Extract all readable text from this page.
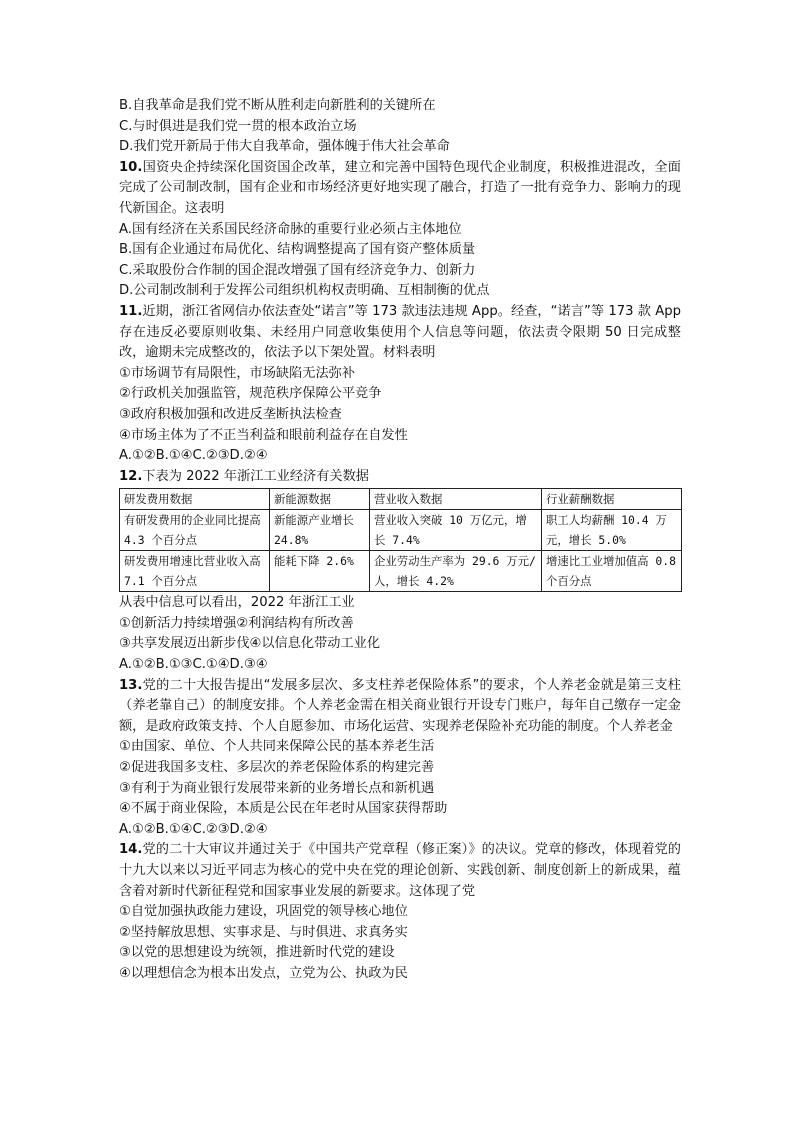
B.自我革命是我们党不断从胜利走向新胜利的关键所在
C.与时俱进是我们党一贯的根本政治立场
D.我们党开新局于伟大自我革命，强体魄于伟大社会革命
10.国资央企持续深化国资国企改革，建立和完善中国特色现代企业制度，积极推进混改，全面完成了公司制改制，国有企业和市场经济更好地实现了融合，打造了一批有竞争力、影响力的现代新国企。这表明
A.国有经济在关系国民经济命脉的重要行业必须占主体地位
B.国有企业通过布局优化、结构调整提高了国有资产整体质量
C.采取股份合作制的国企混改增强了国有经济竞争力、创新力
D.公司制改制利于发挥公司组织机构权责明确、互相制衡的优点
11.近期，浙江省网信办依法查处“诺言”等 173 款违法违规 App。经查，“诺言”等 173 款 App 存在违反必要原则收集、未经用户同意收集使用个人信息等问题，依法责令限期 50 日完成整改，逾期未完成整改的，依法予以下架处置。材料表明
①市场调节有局限性，市场缺陷无法弥补
②行政机关加强监管，规范秩序保障公平竞争
③政府积极加强和改进反垄断执法检查
④市场主体为了不正当利益和眼前利益存在自发性
A.①②B.①④C.②③D.②④
12.下表为 2022 年浙江工业经济有关数据
研发费用数据	新能源数据	营业收入数据	行业薪酬数据
有研发费用的企业同比提高 4.3 个百分点	新能源产业增长 24.8%	营业收入突破 10 万亿元，增长 7.4%	职工人均薪酬 10.4 万元，增长 5.0%
研发费用增速比营业收入高 7.1 个百分点	能耗下降 2.6%	企业劳动生产率为 29.6 万元/人，增长 4.2%	增速比工业增加值高 0.8 个百分点
从表中信息可以看出，2022 年浙江工业
①创新活力持续增强②利润结构有所改善
③共享发展迈出新步伐④以信息化带动工业化
A.①②B.①③C.①④D.③④
13.党的二十大报告提出“发展多层次、多支柱养老保险体系”的要求，个人养老金就是第三支柱（养老靠自己）的制度安排。个人养老金需在相关商业银行开设专门账户，每年自己缴存一定金额，是政府政策支持、个人自愿参加、市场化运营、实现养老保险补充功能的制度。个人养老金
①由国家、单位、个人共同来保障公民的基本养老生活
②促进我国多支柱、多层次的养老保险体系的构建完善
③有利于为商业银行发展带来新的业务增长点和新机遇
④不属于商业保险，本质是公民在年老时从国家获得帮助
A.①②B.①④C.②③D.②④
14.党的二十大审议并通过关于《中国共产党章程（修正案）》的决议。党章的修改，体现着党的十九大以来以习近平同志为核心的党中央在党的理论创新、实践创新、制度创新上的新成果，蕴含着对新时代新征程党和国家事业发展的新要求。这体现了党
①自觉加强执政能力建设，巩固党的领导核心地位
②坚持解放思想、实事求是、与时俱进、求真务实
③以党的思想建设为统领，推进新时代党的建设
④以理想信念为根本出发点，立党为公、执政为民
